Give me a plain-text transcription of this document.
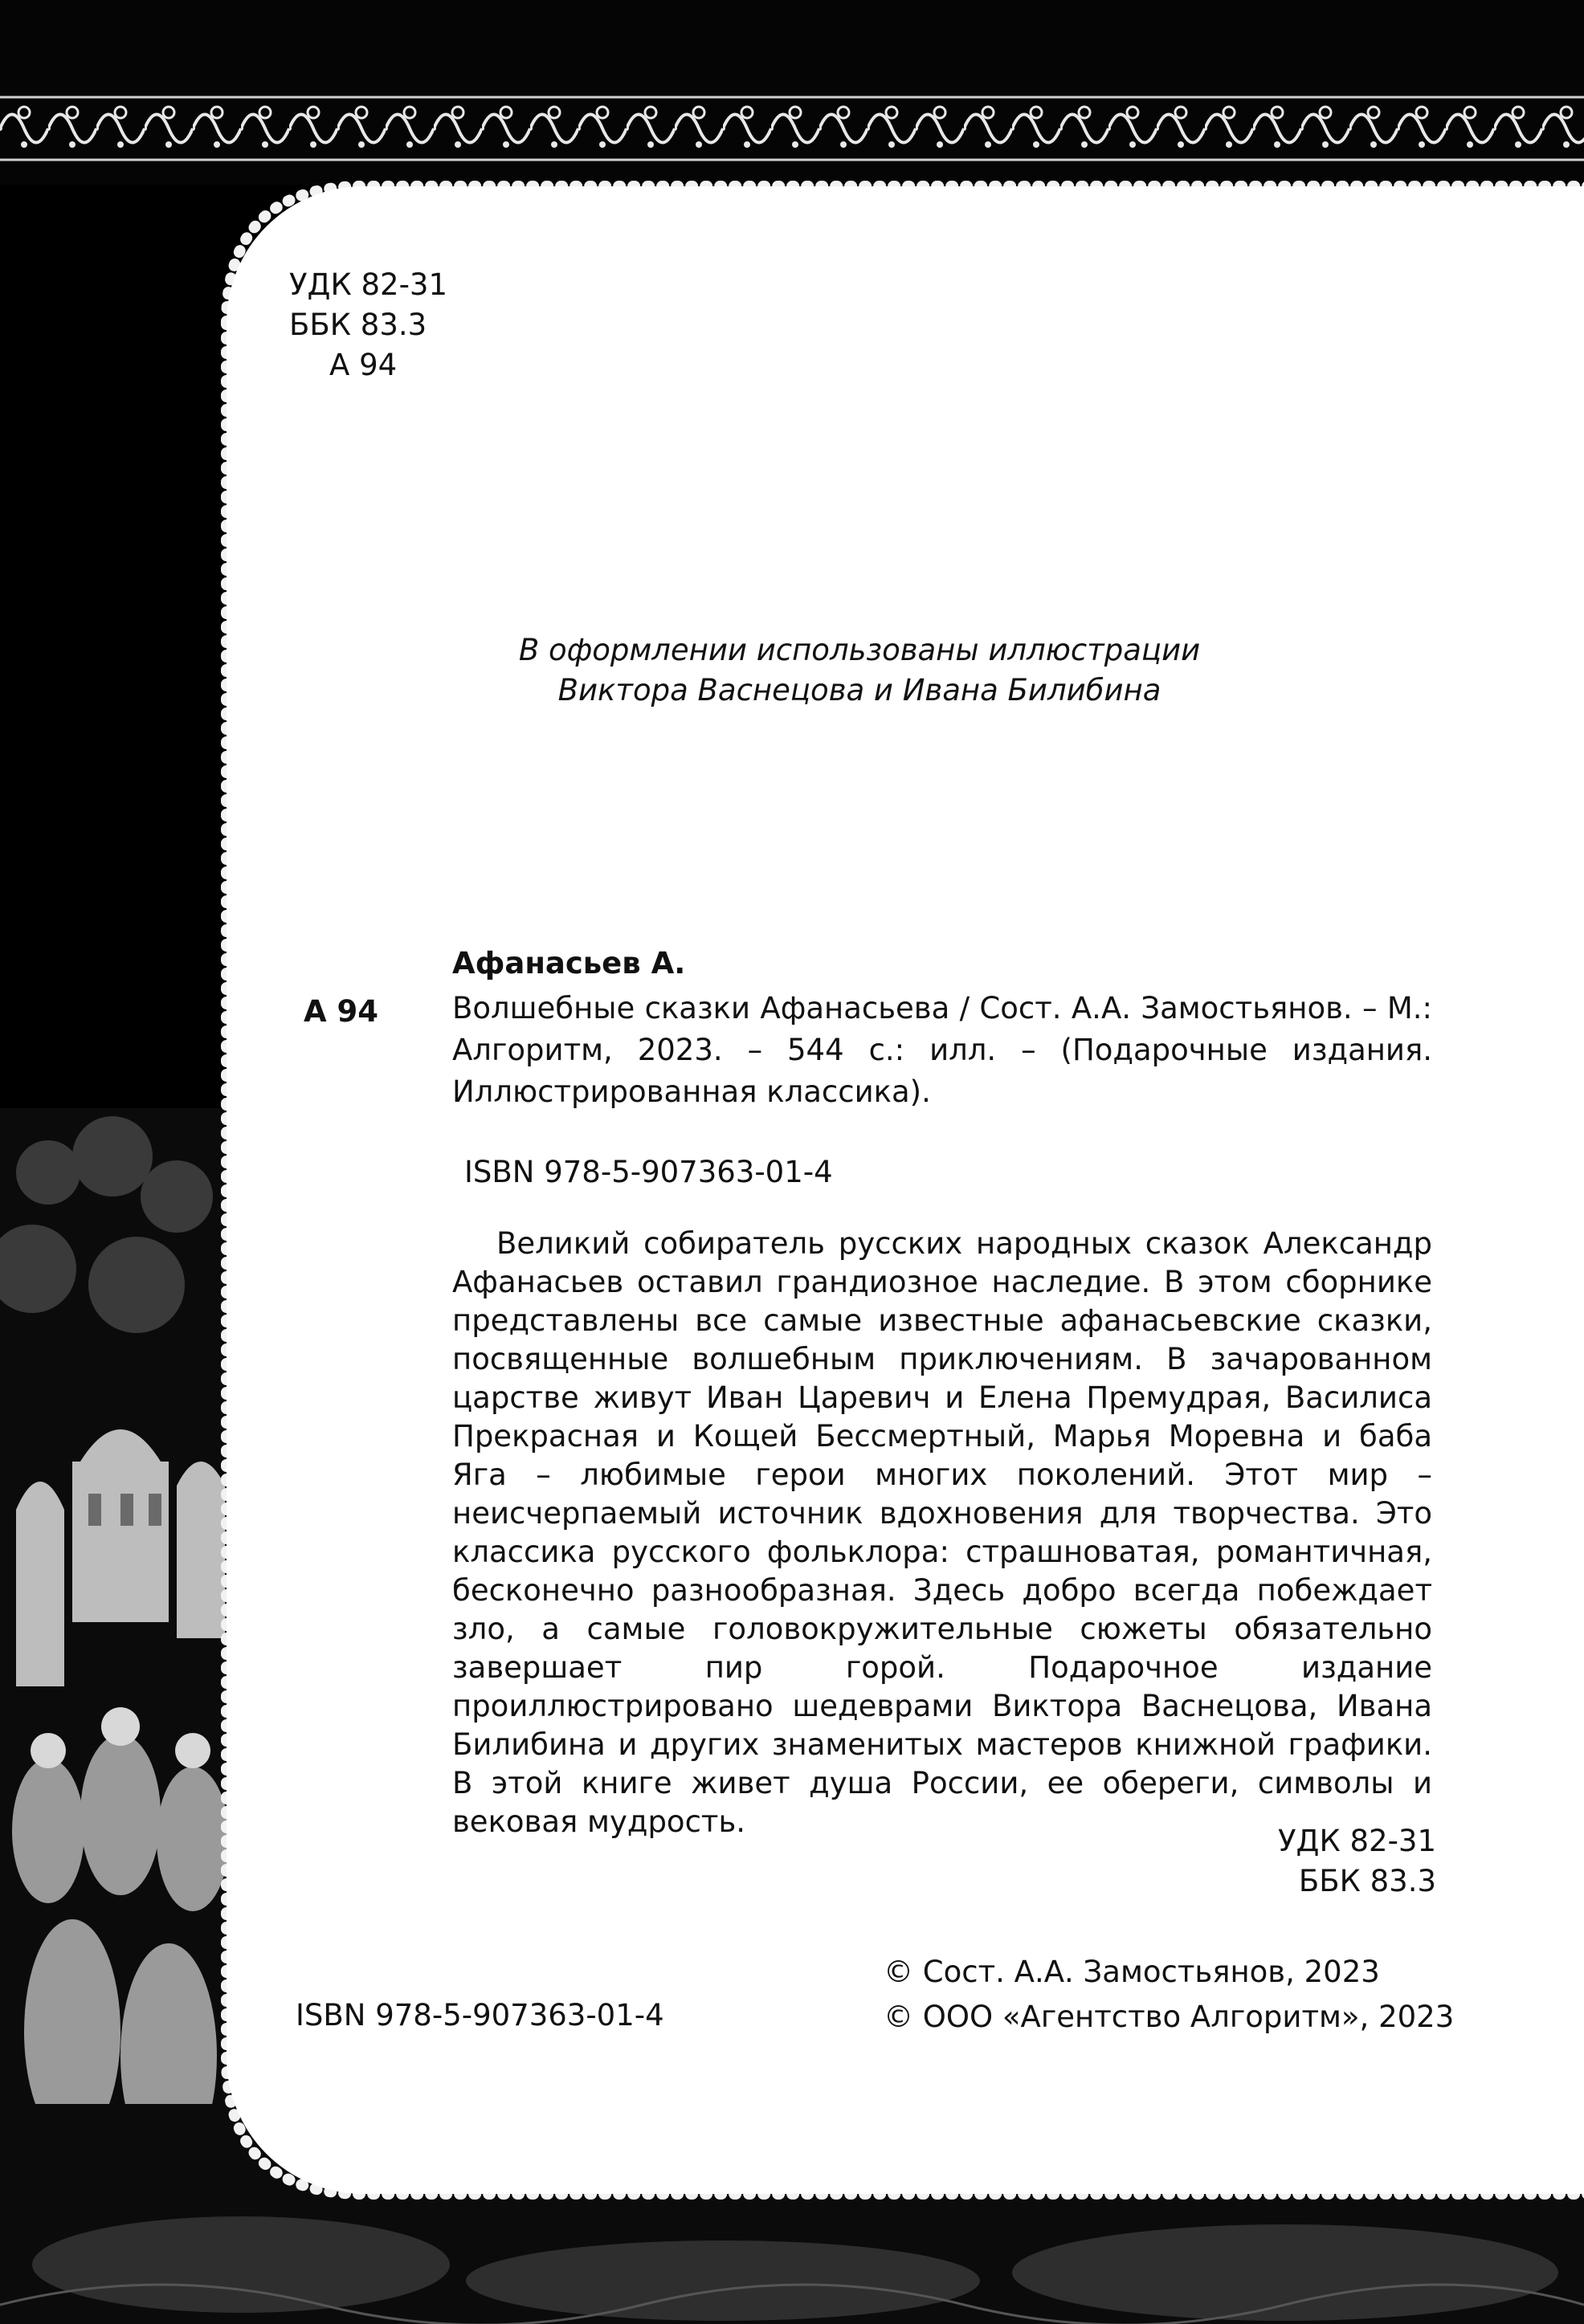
УДК 82-31
ББК 83.3
А 94
В оформлении использованы иллюстрации
Виктора Васнецова и Ивана Билибина
Афанасьев А.
А 94 Волшебные сказки Афанасьева / Сост. А.А. Замостьянов. – М.: Алгоритм, 2023. – 544 с.: илл. – (Подарочные издания. Иллюстрированная классика).
ISBN 978-5-907363-01-4
Великий собиратель русских народных сказок Александр Афанасьев оставил грандиозное наследие. В этом сборнике представлены все самые известные афанасьевские сказки, посвященные волшебным приключениям. В зачарованном царстве живут Иван Царевич и Елена Премудрая, Василиса Прекрасная и Кощей Бессмертный, Марья Моревна и баба Яга – любимые герои многих поколений. Этот мир – неисчерпаемый источник вдохновения для творчества. Это классика русского фольклора: страшноватая, романтичная, бесконечно разнообразная. Здесь добро всегда побеждает зло, а самые головокружительные сюжеты обязательно завершает пир горой. Подарочное издание проиллюстрировано шедеврами Виктора Васнецова, Ивана Билибина и других знаменитых мастеров книжной графики. В этой книге живет душа России, ее обереги, символы и вековая мудрость.
УДК 82-31
ББК 83.3
ISBN 978-5-907363-01-4
© Сост. А.А. Замостьянов, 2023
© ООО «Агентство Алгоритм», 2023
